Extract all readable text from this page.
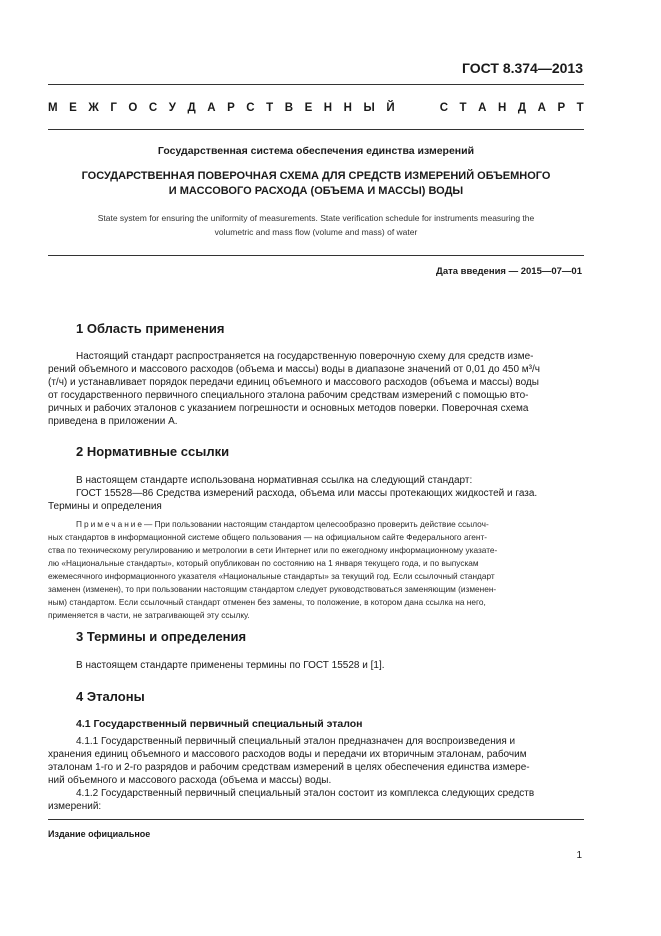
ГОСТ 8.374—2013
М Е Ж Г О С У Д А Р С Т В Е Н Н Ы Й	С Т А Н Д А Р Т
Государственная система обеспечения единства измерений
ГОСУДАРСТВЕННАЯ ПОВЕРОЧНАЯ СХЕМА ДЛЯ СРЕДСТВ ИЗМЕРЕНИЙ ОБЪЕМНОГО
И МАССОВОГО РАСХОДА (ОБЪЕМА И МАССЫ) ВОДЫ
State system for ensuring the uniformity of measurements. State verification schedule for instruments measuring the
volumetric and mass flow (volume and mass) of water
Дата введения — 2015—07—01
1 Область применения
Настоящий стандарт распространяется на государственную поверочную схему для средств изме-
рений объемного и массового расходов (объема и массы) воды в диапазоне значений от 0,01 до 450 м³/ч
(т/ч) и устанавливает порядок передачи единиц объемного и массового расходов (объема и массы) воды
от государственного первичного специального эталона рабочим средствам измерений с помощью вто-
ричных и рабочих эталонов с указанием погрешности и основных методов поверки. Поверочная схема
приведена в приложении А.
2 Нормативные ссылки
В настоящем стандарте использована нормативная ссылка на следующий стандарт:
ГОСТ 15528—86 Средства измерений расхода, объема или массы протекающих жидкостей и газа.
Термины и определения
Примечание— При пользовании настоящим стандартом целесообразно проверить действие ссылоч-
ных стандартов в информационной системе общего пользования — на официальном сайте Федерального агент-
ства по техническому регулированию и метрологии в сети Интернет или по ежегодному информационному указате-
лю «Национальные стандарты», который опубликован по состоянию на 1 января текущего года, и по выпускам
ежемесячного информационного указателя «Национальные стандарты» за текущий год. Если ссылочный стандарт
заменен (изменен), то при пользовании настоящим стандартом следует руководствоваться заменяющим (изменен-
ным) стандартом. Если ссылочный стандарт отменен без замены, то положение, в котором дана ссылка на него,
применяется в части, не затрагивающей эту ссылку.
3 Термины и определения
В настоящем стандарте применены термины по ГОСТ 15528 и [1].
4 Эталоны
4.1 Государственный первичный специальный эталон
4.1.1 Государственный первичный специальный эталон предназначен для воспроизведения и
хранения единиц объемного и массового расходов воды и передачи их вторичным эталонам, рабочим
эталонам 1-го и 2-го разрядов и рабочим средствам измерений в целях обеспечения единства измере-
ний объемного и массового расхода (объема и массы) воды.
4.1.2 Государственный первичный специальный эталон состоит из комплекса следующих средств
измерений:
Издание официальное
1
